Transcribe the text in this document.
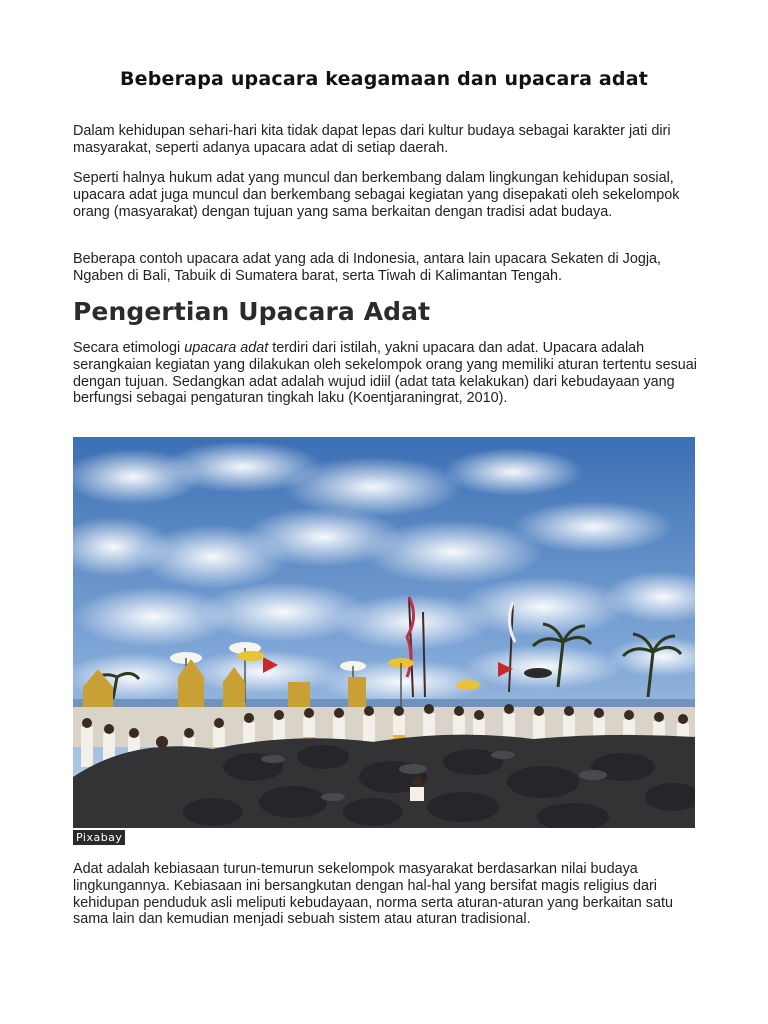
Beberapa upacara keagamaan dan upacara adat

Dalam kehidupan sehari-hari kita tidak dapat lepas dari kultur budaya sebagai karakter jati diri masyarakat, seperti adanya upacara adat di setiap daerah.

Seperti halnya hukum adat yang muncul dan berkembang dalam lingkungan kehidupan sosial, upacara adat juga muncul dan berkembang sebagai kegiatan yang disepakati oleh sekelompok orang (masyarakat) dengan tujuan yang sama berkaitan dengan tradisi adat budaya.

Beberapa contoh upacara adat yang ada di Indonesia, antara lain upacara Sekaten di Jogja, Ngaben di Bali, Tabuik di Sumatera barat, serta Tiwah di Kalimantan Tengah.

Pengertian Upacara Adat

Secara etimologi upacara adat terdiri dari istilah, yakni upacara dan adat. Upacara adalah serangkaian kegiatan yang dilakukan oleh sekelompok orang yang memiliki aturan tertentu sesuai dengan tujuan. Sedangkan adat adalah wujud idiil (adat tata kelakukan) dari kebudayaan yang berfungsi sebagai pengaturan tingkah laku (Koentjaraningrat, 2010).

Pixabay

Adat adalah kebiasaan turun-temurun sekelompok masyarakat berdasarkan nilai budaya lingkungannya. Kebiasaan ini bersangkutan dengan hal-hal yang bersifat magis religius dari kehidupan penduduk asli meliputi kebudayaan, norma serta aturan-aturan yang berkaitan satu sama lain dan kemudian menjadi sebuah sistem atau aturan tradisional.
